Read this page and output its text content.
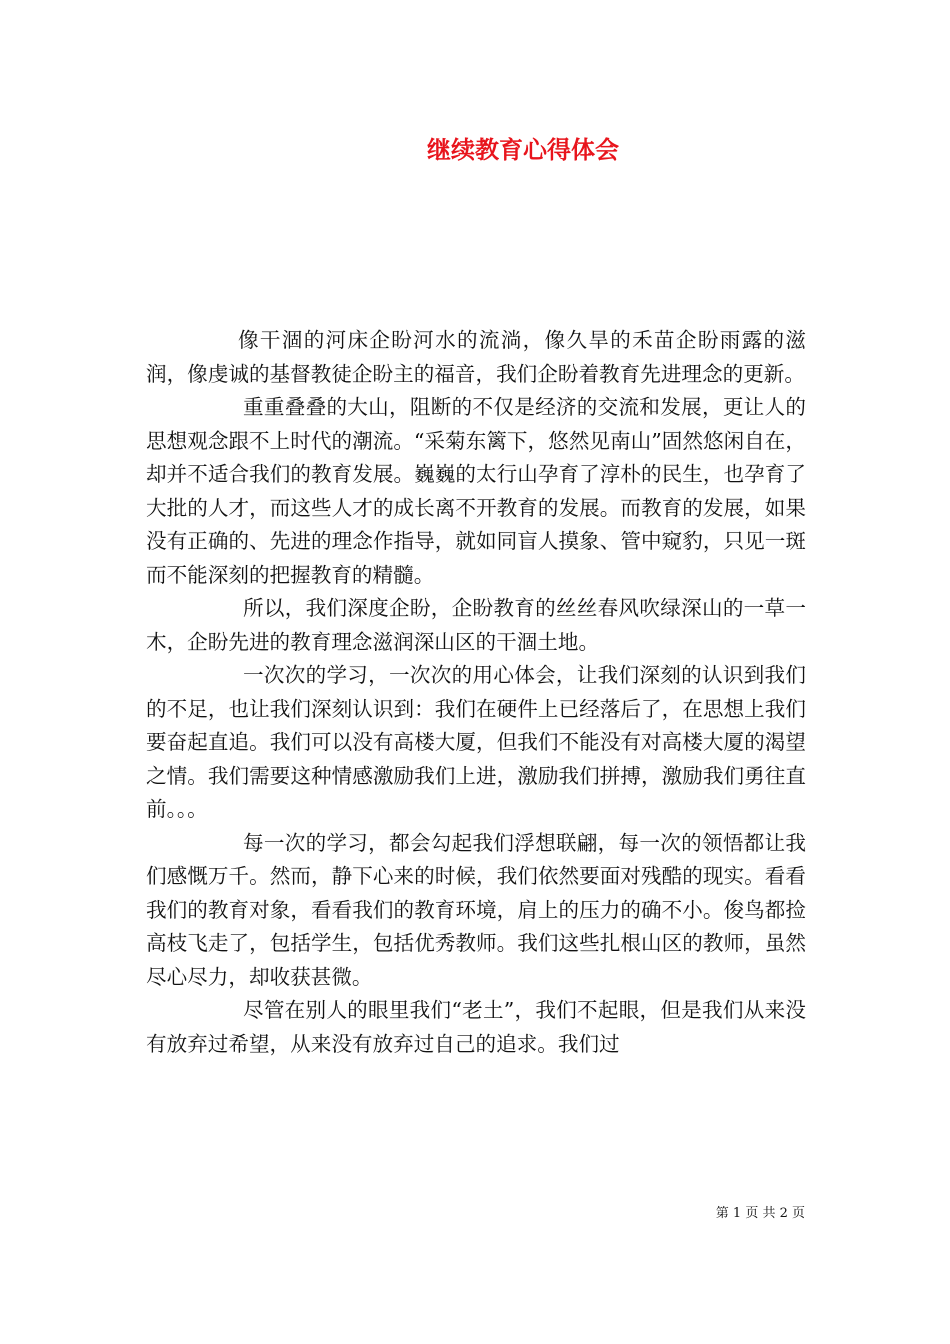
继续教育心得体会

像干涸的河床企盼河水的流淌，像久旱的禾苗企盼雨露的滋润，像虔诚的基督教徒企盼主的福音，我们企盼着教育先进理念的更新。

重重叠叠的大山，阻断的不仅是经济的交流和发展，更让人的思想观念跟不上时代的潮流。“采菊东篱下，悠然见南山”固然悠闲自在，却并不适合我们的教育发展。巍巍的太行山孕育了淳朴的民生，也孕育了大批的人才，而这些人才的成长离不开教育的发展。而教育的发展，如果没有正确的、先进的理念作指导，就如同盲人摸象、管中窥豹，只见一斑而不能深刻的把握教育的精髓。

所以，我们深度企盼，企盼教育的丝丝春风吹绿深山的一草一木，企盼先进的教育理念滋润深山区的干涸土地。

一次次的学习，一次次的用心体会，让我们深刻的认识到我们的不足，也让我们深刻认识到：我们在硬件上已经落后了，在思想上我们要奋起直追。我们可以没有高楼大厦，但我们不能没有对高楼大厦的渴望之情。我们需要这种情感激励我们上进，激励我们拼搏，激励我们勇往直前。。。

每一次的学习，都会勾起我们浮想联翩，每一次的领悟都让我们感慨万千。然而，静下心来的时候，我们依然要面对残酷的现实。看看我们的教育对象，看看我们的教育环境，肩上的压力的确不小。俊鸟都捡高枝飞走了，包括学生，包括优秀教师。我们这些扎根山区的教师，虽然尽心尽力，却收获甚微。

尽管在别人的眼里我们“老土”，我们不起眼，但是我们从来没有放弃过希望，从来没有放弃过自己的追求。我们过

第 1 页 共 2 页
